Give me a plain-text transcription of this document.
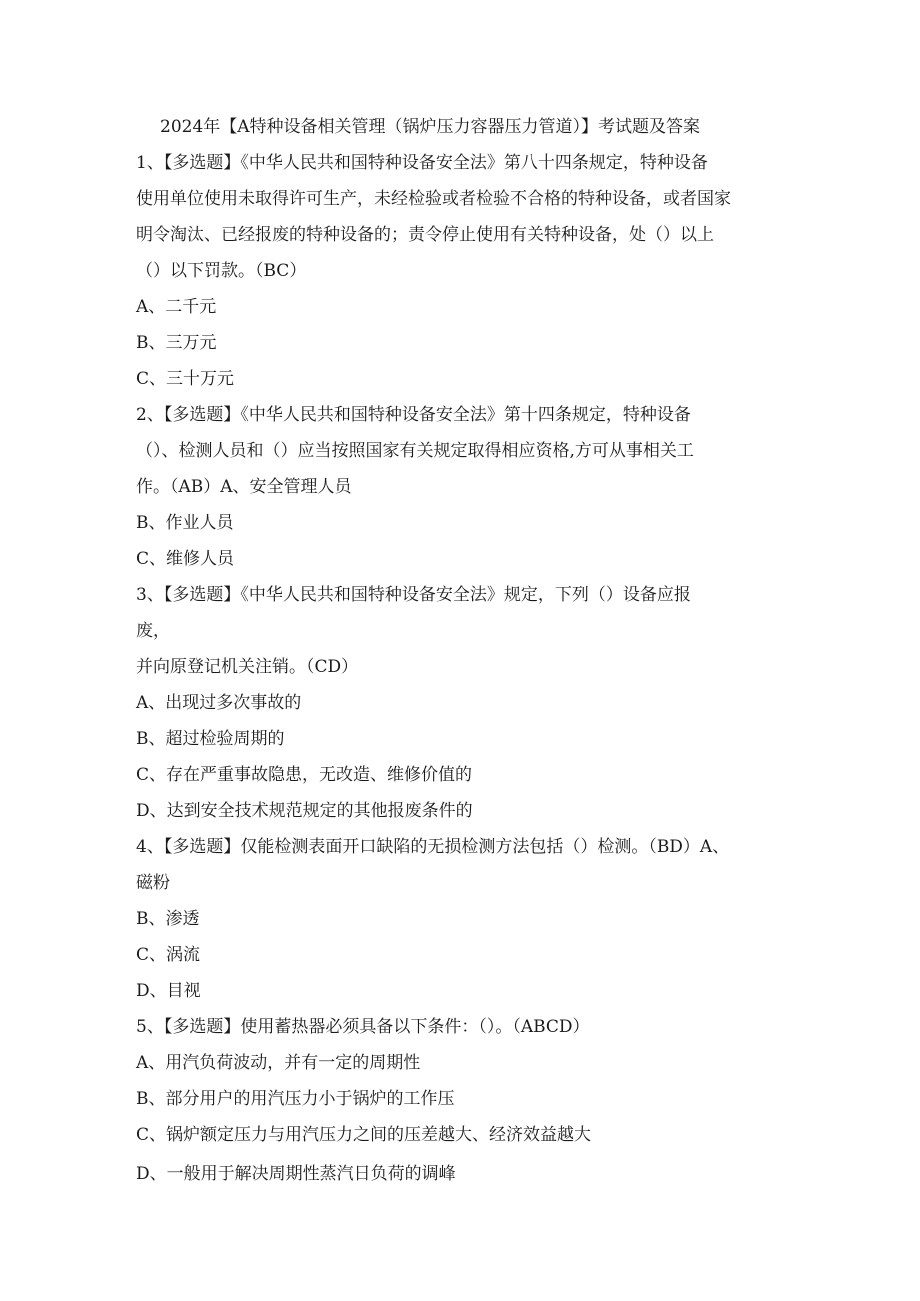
2024年【A特种设备相关管理（锅炉压力容器压力管道）】考试题及答案
1、【多选题】《中华人民共和国特种设备安全法》第八十四条规定，特种设备
使用单位使用未取得许可生产，未经检验或者检验不合格的特种设备，或者国家
明令淘汰、已经报废的特种设备的；责令停止使用有关特种设备，处（）以上
（）以下罚款。（BC）
A、二千元
B、三万元
C、三十万元
2、【多选题】《中华人民共和国特种设备安全法》第十四条规定，特种设备
（）、检测人员和（）应当按照国家有关规定取得相应资格,方可从事相关工
作。（AB）A、安全管理人员
B、作业人员
C、维修人员
3、【多选题】《中华人民共和国特种设备安全法》规定，下列（）设备应报
废，
并向原登记机关注销。（CD）
A、出现过多次事故的
B、超过检验周期的
C、存在严重事故隐患，无改造、维修价值的
D、达到安全技术规范规定的其他报废条件的
4、【多选题】仅能检测表面开口缺陷的无损检测方法包括（）检测。（BD）A、
磁粉
B、渗透
C、涡流
D、目视
5、【多选题】使用蓄热器必须具备以下条件：（）。（ABCD）
A、用汽负荷波动，并有一定的周期性
B、部分用户的用汽压力小于锅炉的工作压
C、锅炉额定压力与用汽压力之间的压差越大、经济效益越大
D、一般用于解决周期性蒸汽日负荷的调峰
